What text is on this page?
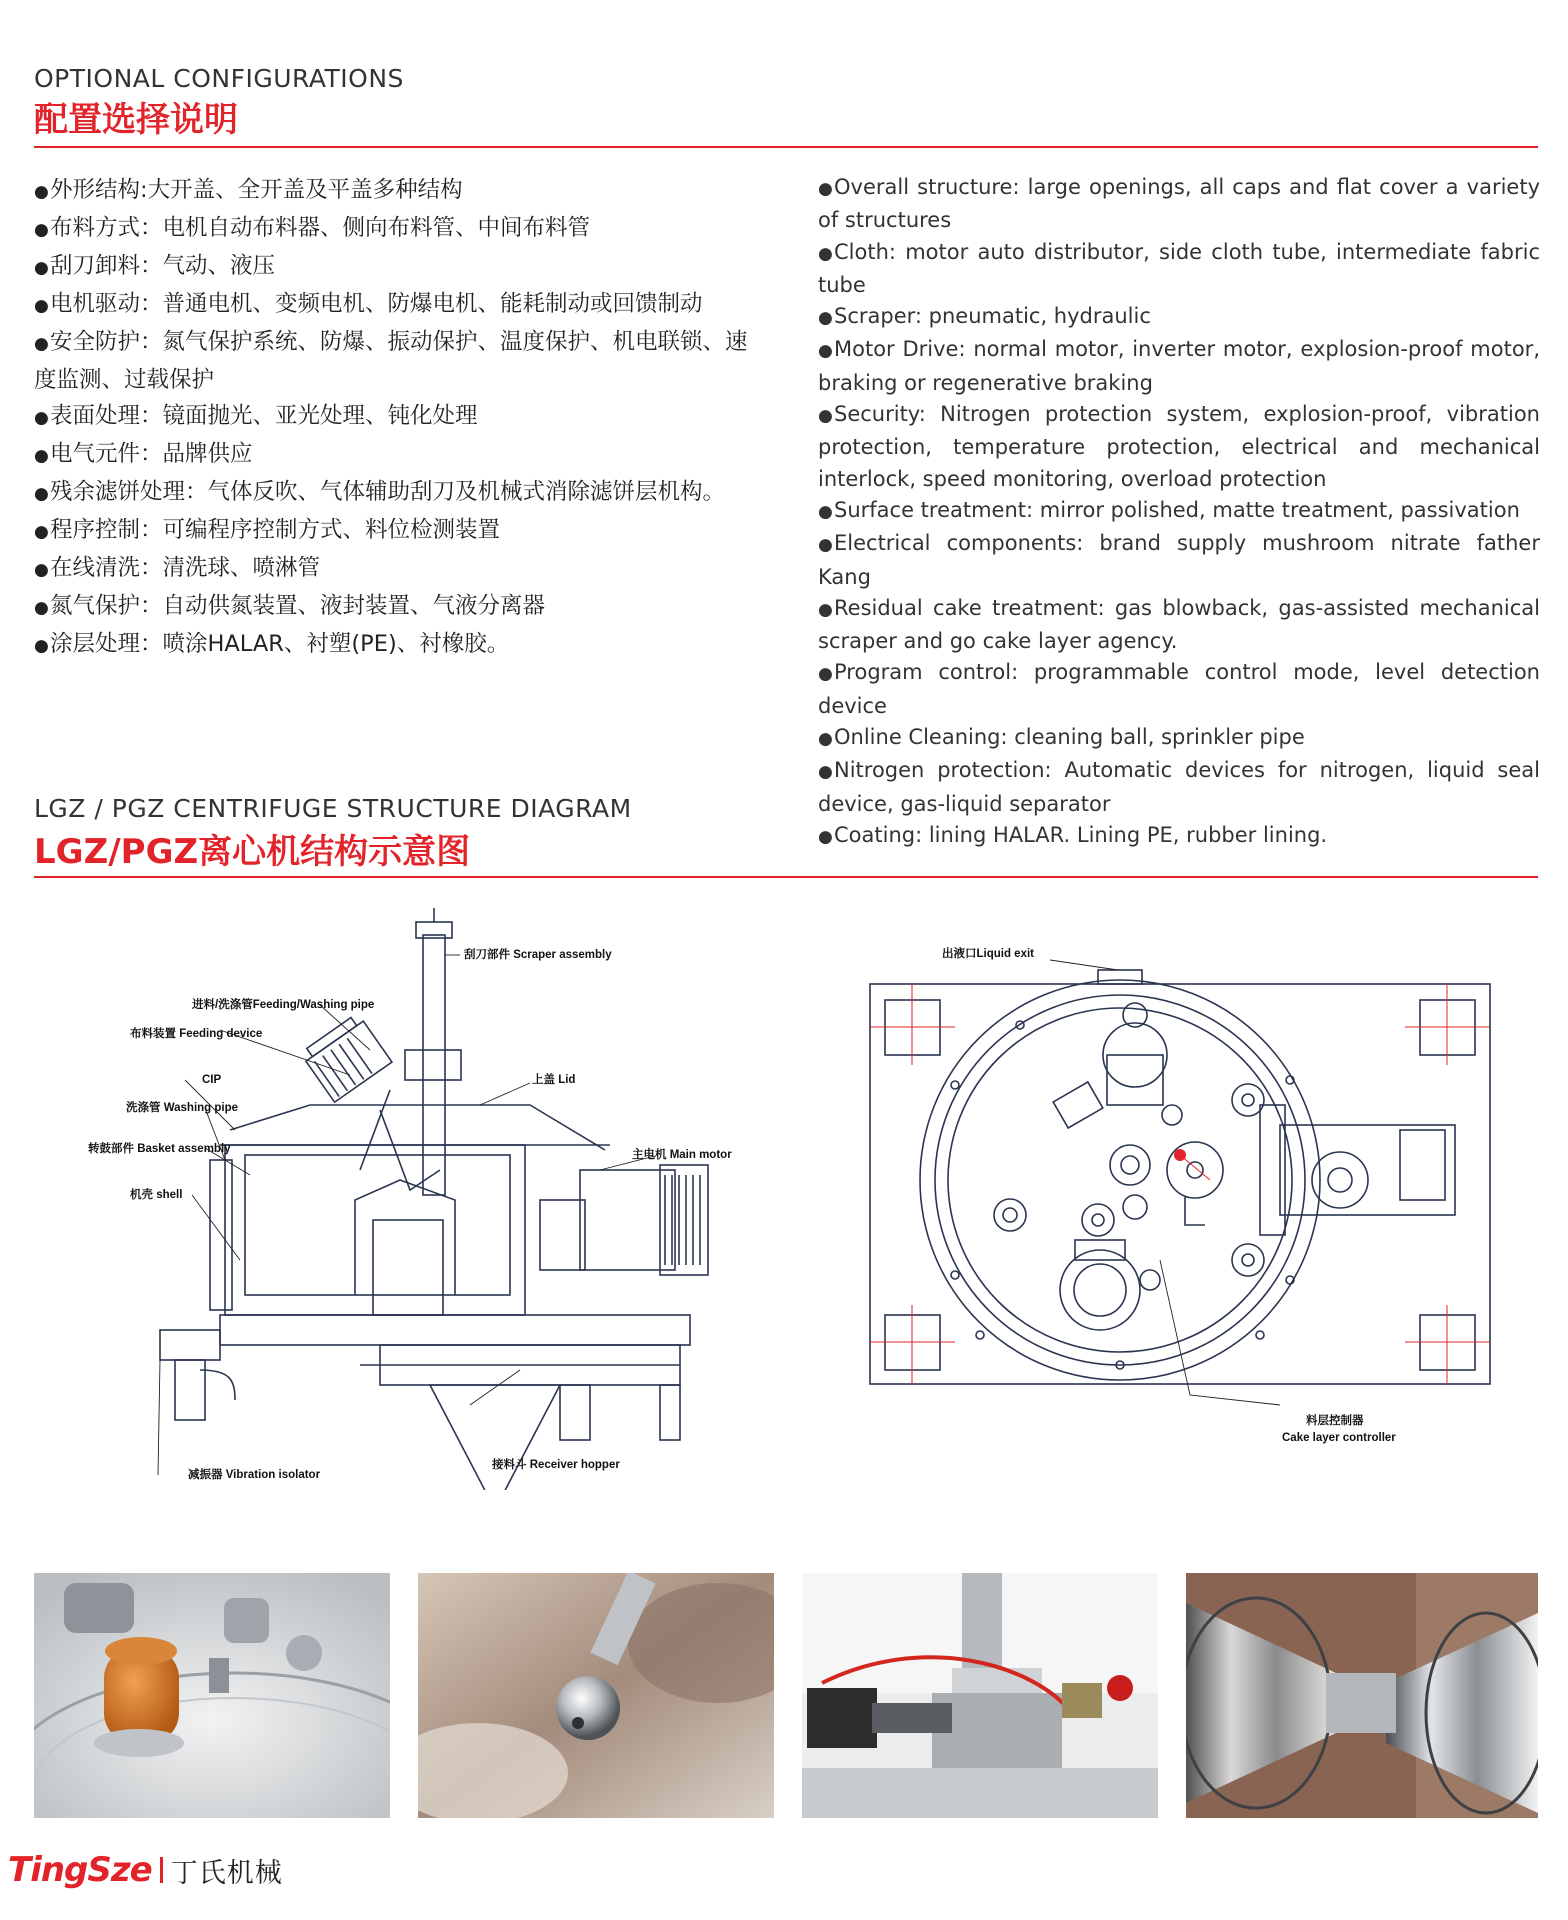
OPTIONAL CONFIGURATIONS
配置选择说明

●外形结构:大开盖、全开盖及平盖多种结构

●布料方式：电机自动布料器、侧向布料管、中间布料管

●刮刀卸料：气动、液压

●电机驱动：普通电机、变频电机、防爆电机、能耗制动或回馈制动

●安全防护：氮气保护系统、防爆、振动保护、温度保护、机电联锁、速度监测、过载保护

●表面处理：镜面抛光、亚光处理、钝化处理

●电气元件：品牌供应

●残余滤饼处理：气体反吹、气体辅助刮刀及机械式消除滤饼层机构。

●程序控制：可编程序控制方式、料位检测装置

●在线清洗：清洗球、喷淋管

●氮气保护：自动供氮装置、液封装置、气液分离器

●涂层处理：喷涂HALAR、衬塑(PE)、衬橡胶。

●Overall structure: large openings, all caps and flat cover a variety of structures

●Cloth: motor auto distributor, side cloth tube, intermediate fabric tube

●Scraper: pneumatic, hydraulic

●Motor Drive: normal motor, inverter motor, explosion-proof motor, braking or regenerative braking

●Security: Nitrogen protection system, explosion-proof, vibration protection, temperature protection, electrical and mechanical interlock, speed monitoring, overload protection

●Surface treatment: mirror polished, matte treatment, passivation

●Electrical components: brand supply mushroom nitrate father Kang

●Residual cake treatment: gas blowback, gas-assisted mechanical scraper and go cake layer agency.

●Program control: programmable control mode, level detection device

●Online Cleaning: cleaning ball, sprinkler pipe

●Nitrogen protection: Automatic devices for nitrogen, liquid seal device, gas-liquid separator

●Coating: lining HALAR. Lining PE, rubber lining.

LGZ / PGZ CENTRIFUGE STRUCTURE DIAGRAM
LGZ/PGZ离心机结构示意图
刮刀部件 Scraper assembly
进料/洗涤管Feeding/Washing pipe
布料装置 Feeding device
CIP	上盖 Lid
洗涤管 Washing pipe
转鼓部件 Basket assembly	主电机 Main motor
机壳 shell
减振器 Vibration isolator
接料斗 Receiver hopper
出液口Liquid exit
料层控制器
Cake layer controller
TingSze 丁氏机械
